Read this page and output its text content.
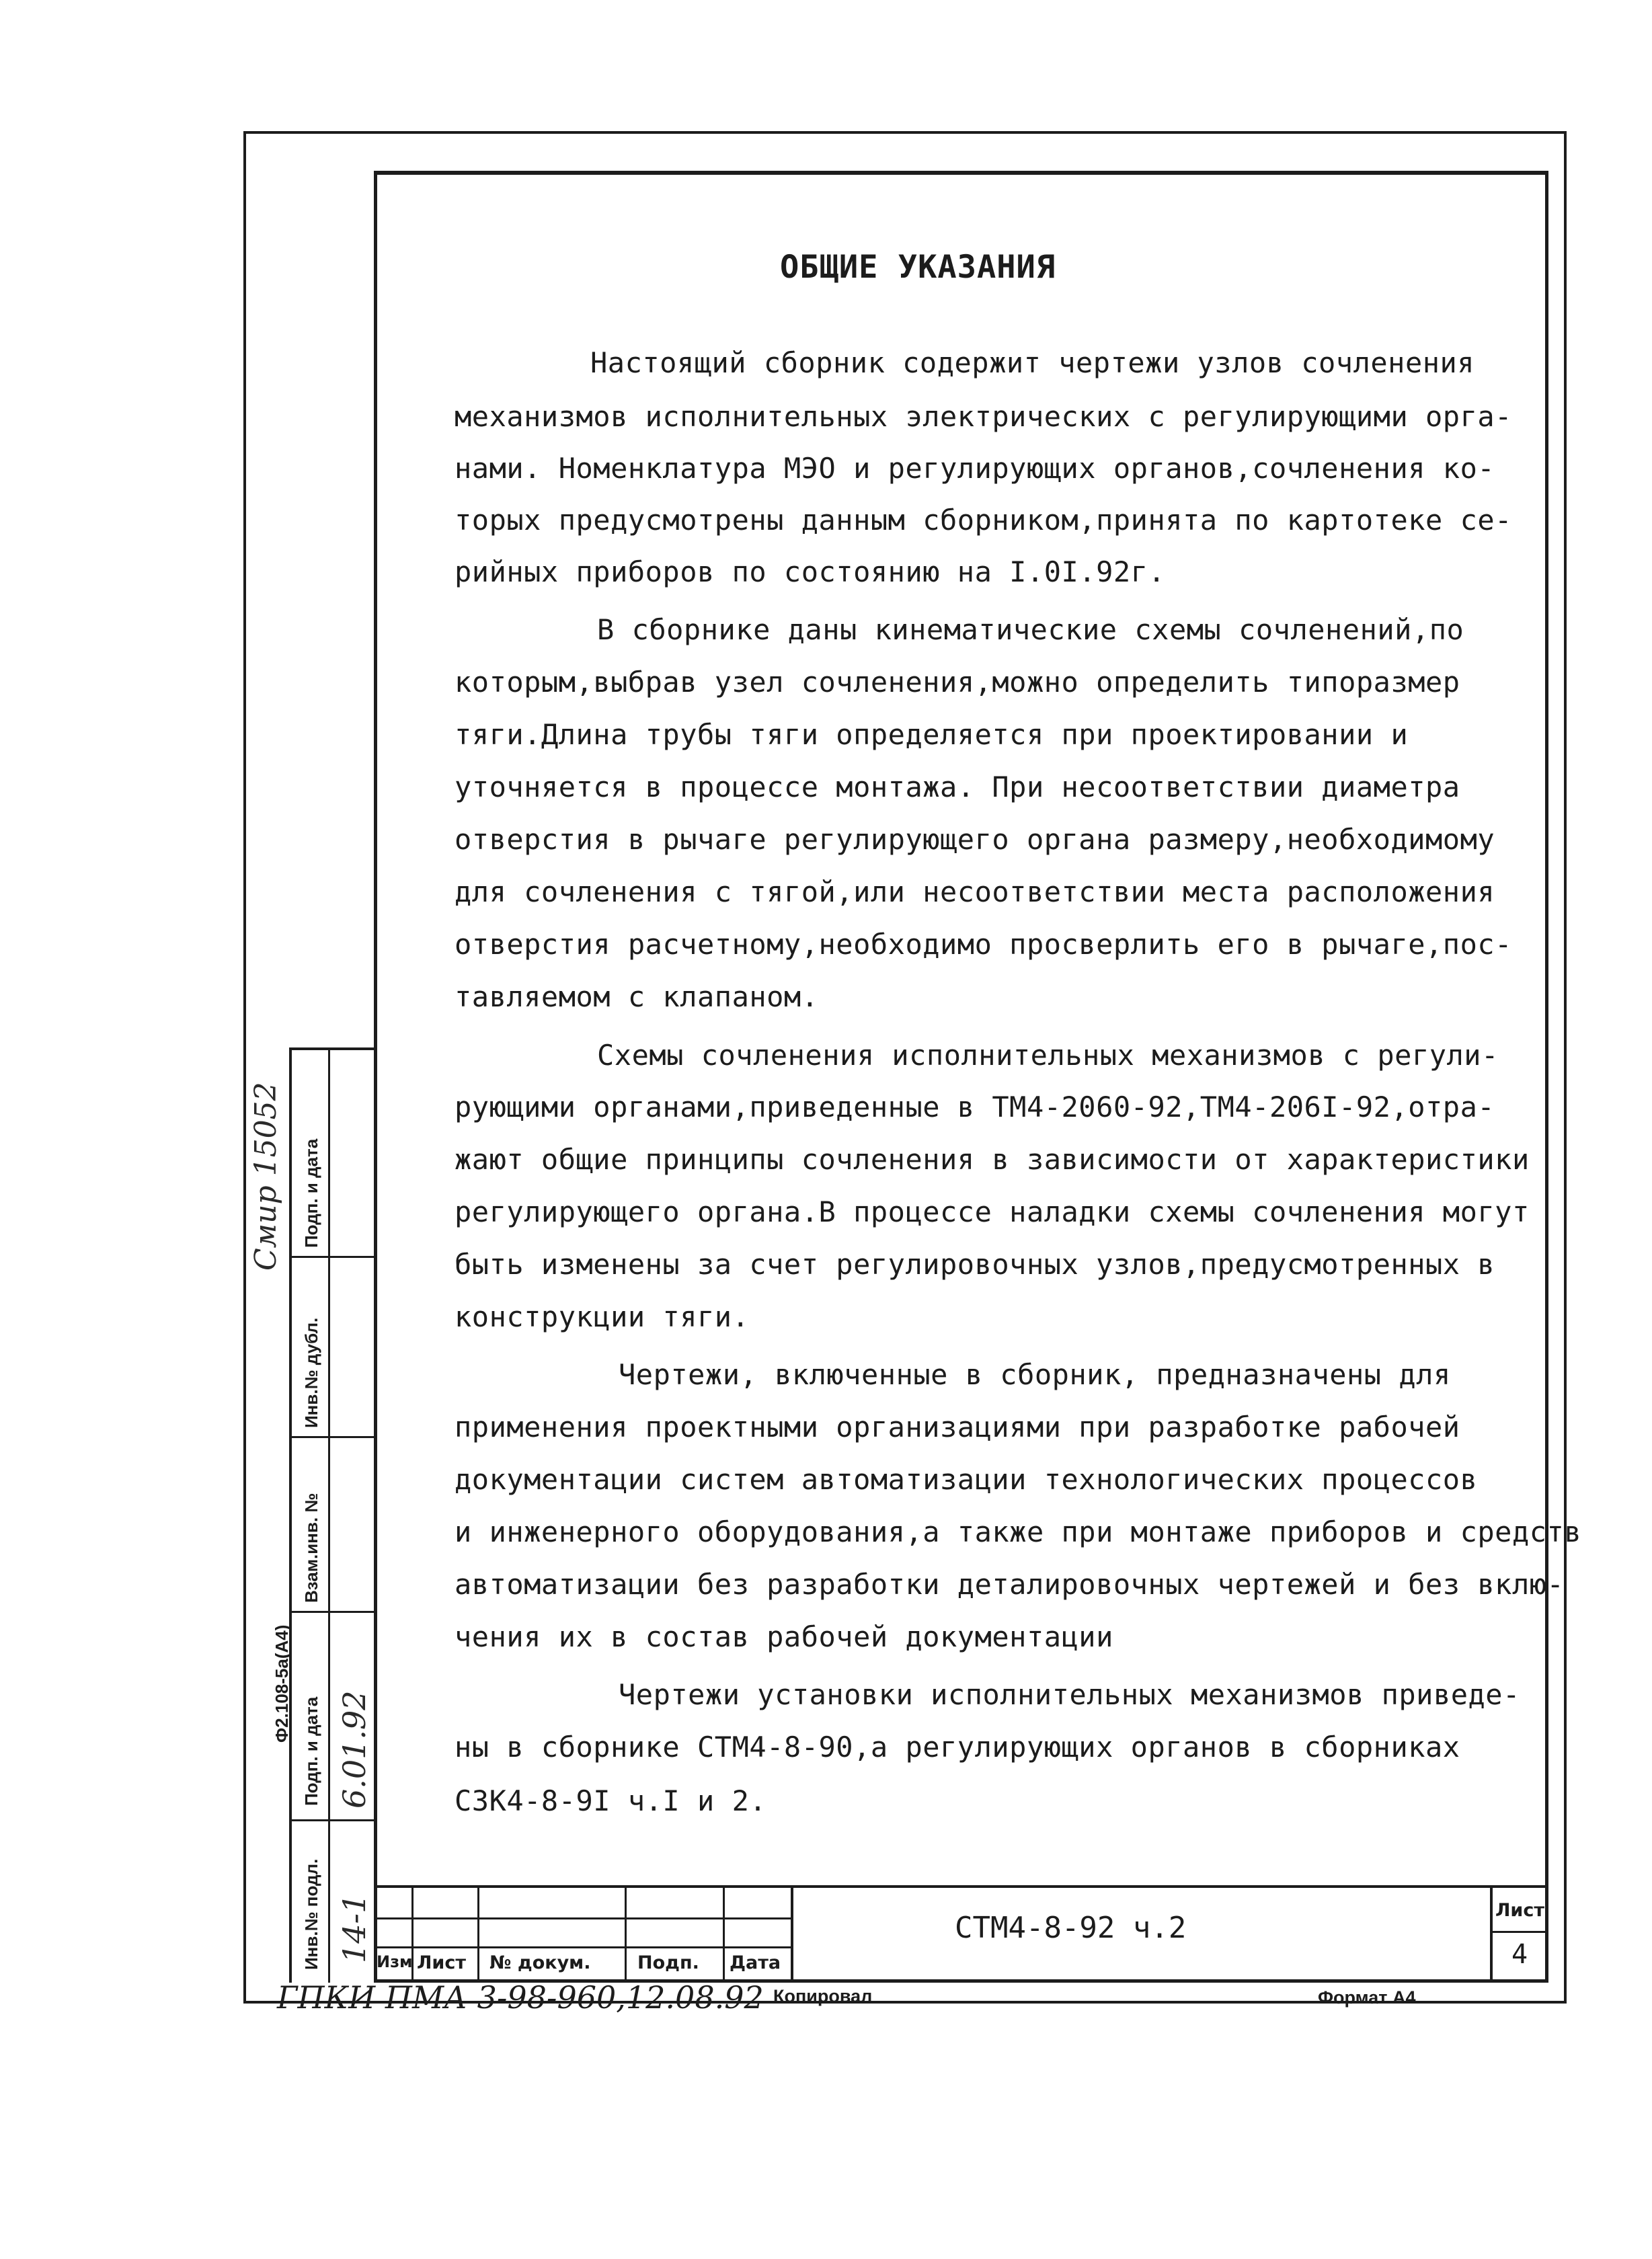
ОБЩИЕ УКАЗАНИЯ
Настоящий сборник содержит чертежи узлов сочленения
механизмов исполнительных электрических с регулирующими орга-
нами. Номенклатура МЭО и регулирующих органов,сочленения ко-
торых предусмотрены данным сборником,принята по картотеке се-
рийных приборов по состоянию на I.0I.92г.
В сборнике даны кинематические схемы сочленений,по
которым,выбрав узел сочленения,можно определить типоразмер
тяги.Длина трубы тяги определяется при проектировании и
уточняется в процессе монтажа. При несоответствии диаметра
отверстия в рычаге регулирующего органа размеру,необходимому
для сочленения с тягой,или несоответствии места расположения
отверстия расчетному,необходимо просверлить его в рычаге,пос-
тавляемом с клапаном.
Схемы сочленения исполнительных механизмов с регули-
рующими органами,приведенные в ТМ4-2060-92,ТМ4-206I-92,отра-
жают общие принципы сочленения в зависимости от характеристики
регулирующего органа.В процессе наладки схемы сочленения могут
быть изменены за счет регулировочных узлов,предусмотренных в
конструкции тяги.
Чертежи, включенные в сборник, предназначены для
применения проектными организациями при разработке рабочей
документации систем автоматизации технологических процессов
и инженерного оборудования,а также при монтаже приборов и средств
автоматизации без разработки деталировочных чертежей и без вклю-
чения их в состав рабочей документации
Чертежи установки исполнительных механизмов приведе-
ны в сборнике СТМ4-8-90,а регулирующих органов в сборниках
СЗК4-8-9I ч.I и 2.
Ф2.108-5а(А4)
Инв.№ подл.
Подп. и дата
Взам.инв. №
Инв.№ дубл.
Подп. и дата
14-1
6.01.92
Смир 15052
Изм Лист № докум.	Подп. Дата
СТМ4-8-92 ч.2
Лист
4
ГПКИ ПМА 3-98-960,12.08.92 Копировал	Формат А4
